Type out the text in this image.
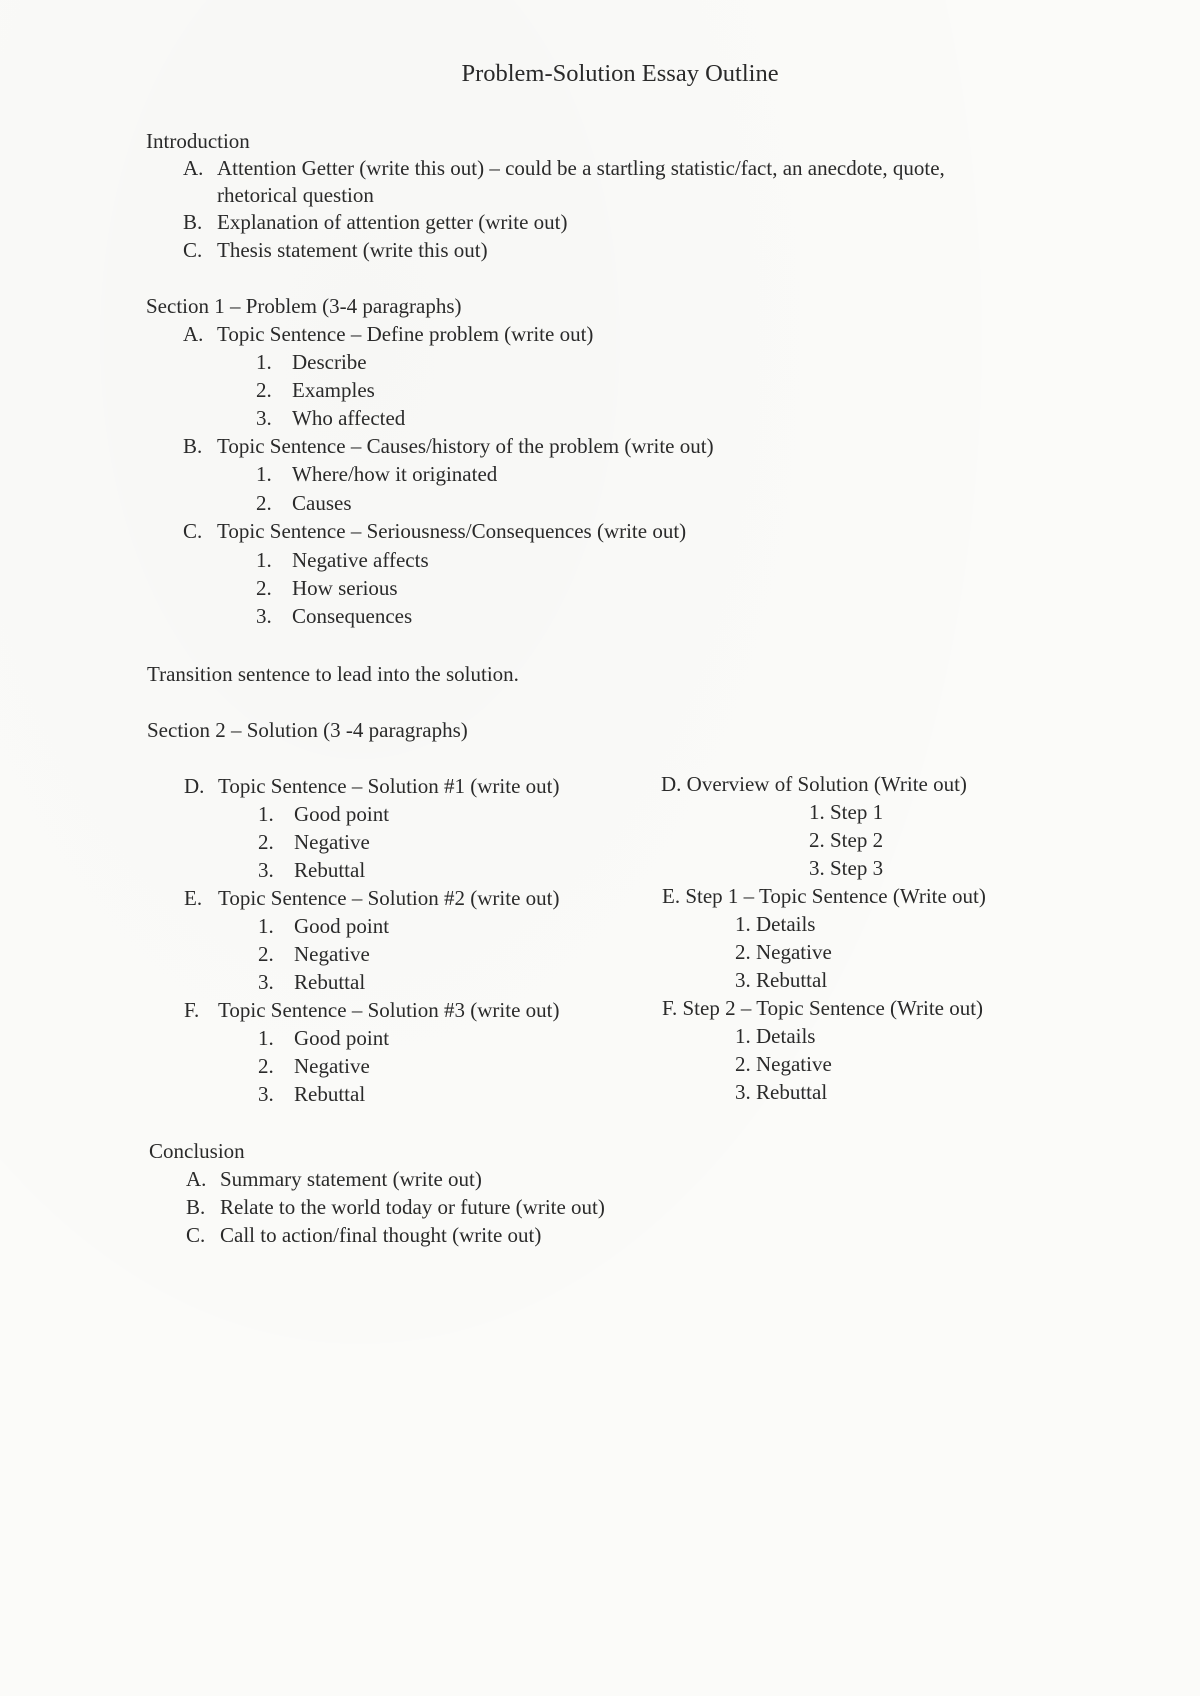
Problem-Solution Essay Outline
Introduction
A. Attention Getter (write this out) – could be a startling statistic/fact, an anecdote, quote,
rhetorical question
B. Explanation of attention getter (write out)
C. Thesis statement (write this out)
Section 1 – Problem (3-4 paragraphs)
A. Topic Sentence – Define problem (write out)
1. Describe
2. Examples
3. Who affected
B. Topic Sentence – Causes/history of the problem (write out)
1. Where/how it originated
2. Causes
C. Topic Sentence – Seriousness/Consequences (write out)
1. Negative affects
2. How serious
3. Consequences
Transition sentence to lead into the solution.
Section 2 – Solution (3 -4 paragraphs)
D. Topic Sentence – Solution #1 (write out)
1. Good point
2. Negative
3. Rebuttal
E. Topic Sentence – Solution #2 (write out)
1. Good point
2. Negative
3. Rebuttal
F. Topic Sentence – Solution #3 (write out)
1. Good point
2. Negative
3. Rebuttal
D. Overview of Solution (Write out)
1. Step 1
2. Step 2
3. Step 3
E. Step 1 – Topic Sentence (Write out)
1. Details
2. Negative
3. Rebuttal
F. Step 2 – Topic Sentence (Write out)
1. Details
2. Negative
3. Rebuttal
Conclusion
A. Summary statement (write out)
B. Relate to the world today or future (write out)
C. Call to action/final thought (write out)
